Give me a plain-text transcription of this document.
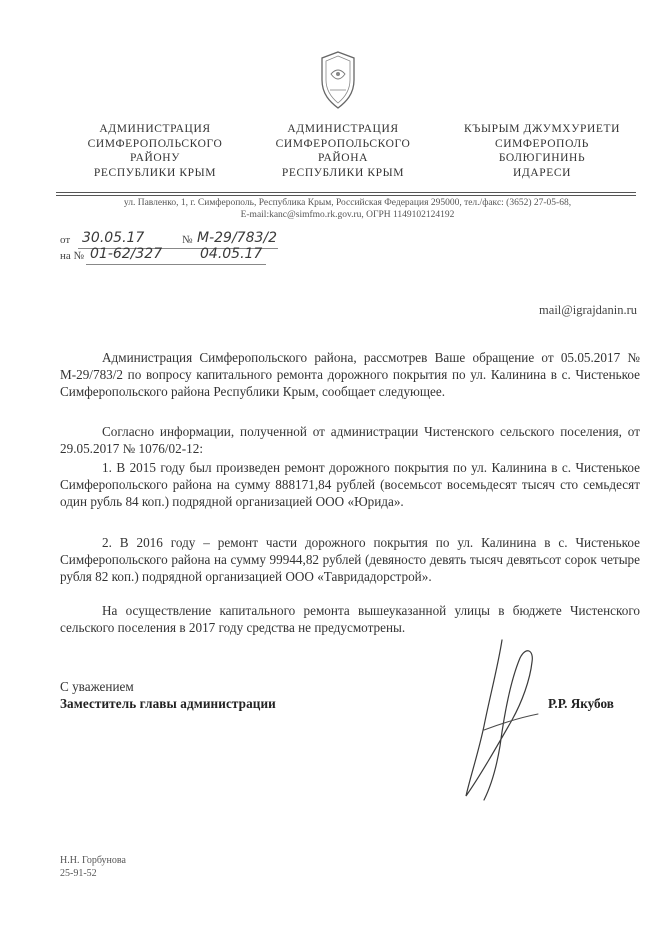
АДМИНИСТРАЦИЯ
СИМФЕРОПОЛЬСКОГО
РАЙОНУ
РЕСПУБЛИКИ КРЫМ
АДМИНИСТРАЦИЯ
СИМФЕРОПОЛЬСКОГО
РАЙОНА
РЕСПУБЛИКИ КРЫМ
КЪЫРЫМ ДЖУМХУРИЕТИ
СИМФЕРОПОЛЬ
БОЛЮГИНИНЬ
ИДАРЕСИ
ул. Павленко, 1, г. Симферополь, Республика Крым, Российская Федерация 295000, тел./факс: (3652) 27-05-68,
E-mail:kanc@simfmo.rk.gov.ru, ОГРН 1149102124192
от 30.05.17	№ М-29/783/2
на № 01-62/327	04.05.17
mail@igrajdanin.ru

Администрация Симферопольского района, рассмотрев Ваше обращение от 05.05.2017 № М-29/783/2 по вопросу капитального ремонта дорожного покрытия по ул. Калинина в с. Чистенькое Симферопольского района Республики Крым, сообщает следующее.

Согласно информации, полученной от администрации Чистенского сельского поселения, от 29.05.2017 № 1076/02-12:

1. В 2015 году был произведен ремонт дорожного покрытия по ул. Калинина в с. Чистенькое Симферопольского района на сумму 888171,84 рублей (восемьсот восемьдесят тысяч сто семьдесят один рубль 84 коп.) подрядной организацией ООО «Юрида».

2. В 2016 году – ремонт части дорожного покрытия по ул. Калинина в с. Чистенькое Симферопольского района на сумму 99944,82 рублей (девяносто девять тысяч девятьсот сорок четыре рубля 82 коп.) подрядной организацией ООО «Тавридадорстрой».

На осуществление капитального ремонта вышеуказанной улицы в бюджете Чистенского сельского поселения в 2017 году средства не предусмотрены.

С уважением
Заместитель главы администрации	Р.Р. Якубов
Н.Н. Горбунова
25-91-52
